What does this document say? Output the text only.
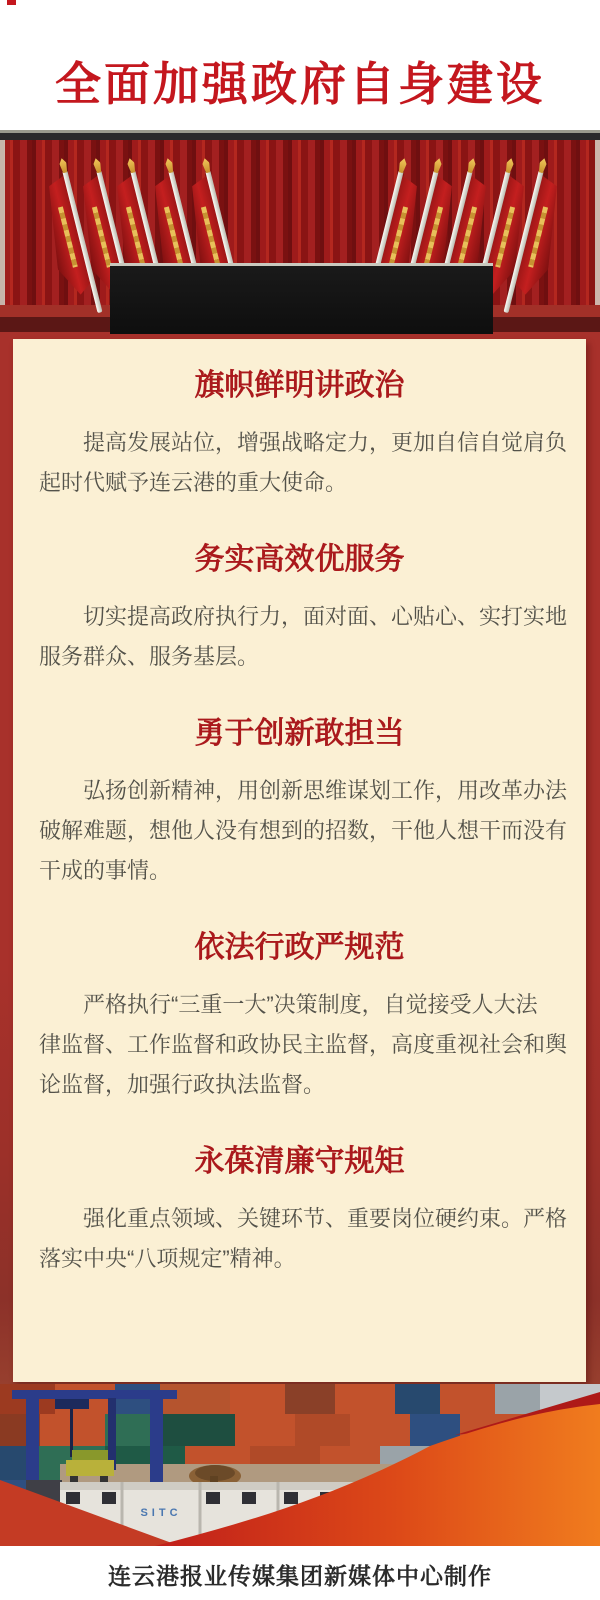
全面加强政府自身建设
旗帜鲜明讲政治
提高发展站位，增强战略定力，更加自信自觉肩负
起时代赋予连云港的重大使命。
务实高效优服务
切实提高政府执行力，面对面、心贴心、实打实地
服务群众、服务基层。
勇于创新敢担当
弘扬创新精神，用创新思维谋划工作，用改革办法
破解难题，想他人没有想到的招数，干他人想干而没有
干成的事情。
依法行政严规范
严格执行“三重一大”决策制度，自觉接受人大法
律监督、工作监督和政协民主监督，高度重视社会和舆
论监督，加强行政执法监督。
永葆清廉守规矩
强化重点领域、关键环节、重要岗位硬约束。严格
落实中央“八项规定”精神。
SITC
连云港报业传媒集团新媒体中心制作
